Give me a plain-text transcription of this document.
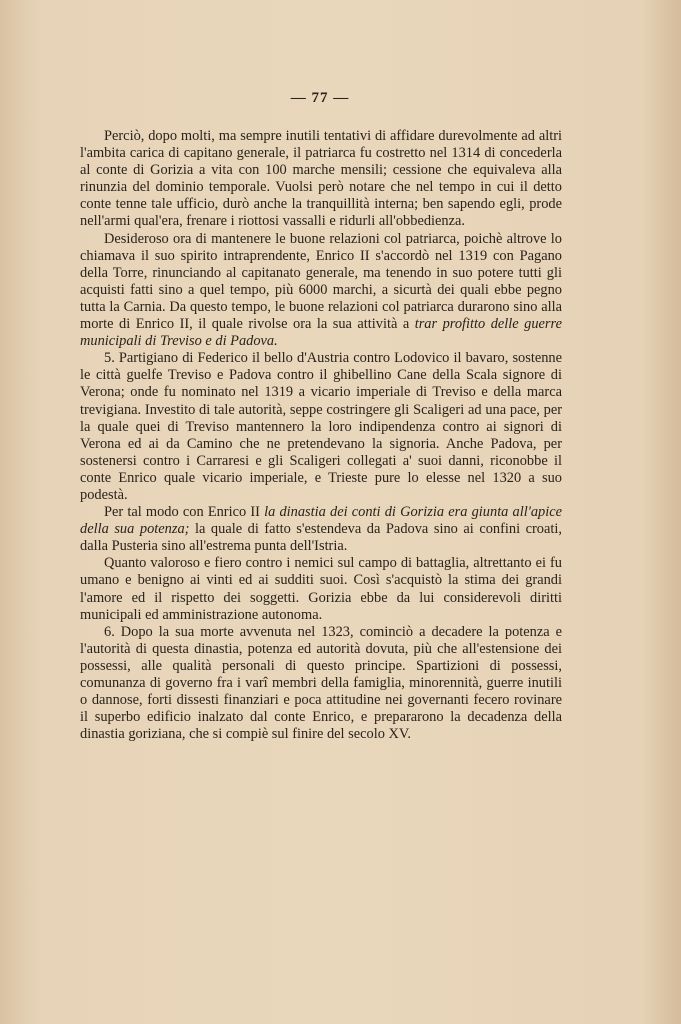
— 77 —

Perciò, dopo molti, ma sempre inutili tentativi di affidare durevolmente ad altri l'ambita carica di capitano generale, il patriarca fu costretto nel 1314 di concederla al conte di Gorizia a vita con 100 marche mensili; cessione che equivaleva alla rinunzia del dominio temporale. Vuolsi però notare che nel tempo in cui il detto conte tenne tale ufficio, durò anche la tranquillità interna; ben sapendo egli, prode nell'armi qual'era, frenare i riottosi vassalli e ridurli all'obbedienza.

Desideroso ora di mantenere le buone relazioni col patriarca, poichè altrove lo chiamava il suo spirito intraprendente, Enrico II s'accordò nel 1319 con Pagano della Torre, rinunciando al capitanato generale, ma tenendo in suo potere tutti gli acquisti fatti sino a quel tempo, più 6000 marchi, a sicurtà dei quali ebbe pegno tutta la Carnia. Da questo tempo, le buone relazioni col patriarca durarono sino alla morte di Enrico II, il quale rivolse ora la sua attività a trar profitto delle guerre municipali di Treviso e di Padova.

5. Partigiano di Federico il bello d'Austria contro Lodovico il bavaro, sostenne le città guelfe Treviso e Padova contro il ghibellino Cane della Scala signore di Verona; onde fu nominato nel 1319 a vicario imperiale di Treviso e della marca trevigiana. Investito di tale autorità, seppe costringere gli Scaligeri ad una pace, per la quale quei di Treviso mantennero la loro indipendenza contro ai signori di Verona ed ai da Camino che ne pretendevano la signoria. Anche Padova, per sostenersi contro i Carraresi e gli Scaligeri collegati a' suoi danni, riconobbe il conte Enrico quale vicario imperiale, e Trieste pure lo elesse nel 1320 a suo podestà.

Per tal modo con Enrico II la dinastia dei conti di Gorizia era giunta all'apice della sua potenza; la quale di fatto s'estendeva da Padova sino ai confini croati, dalla Pusteria sino all'estrema punta dell'Istria.

Quanto valoroso e fiero contro i nemici sul campo di battaglia, altrettanto ei fu umano e benigno ai vinti ed ai sudditi suoi. Così s'acquistò la stima dei grandi l'amore ed il rispetto dei soggetti. Gorizia ebbe da lui considerevoli diritti municipali ed amministrazione autonoma.

6. Dopo la sua morte avvenuta nel 1323, cominciò a decadere la potenza e l'autorità di questa dinastia, potenza ed autorità dovuta, più che all'estensione dei possessi, alle qualità personali di questo principe. Spartizioni di possessi, comunanza di governo fra i varî membri della famiglia, minorennità, guerre inutili o dannose, forti dissesti finanziari e poca attitudine nei governanti fecero rovinare il superbo edificio inalzato dal conte Enrico, e prepararono la decadenza della dinastia goriziana, che si compiè sul finire del secolo XV.
